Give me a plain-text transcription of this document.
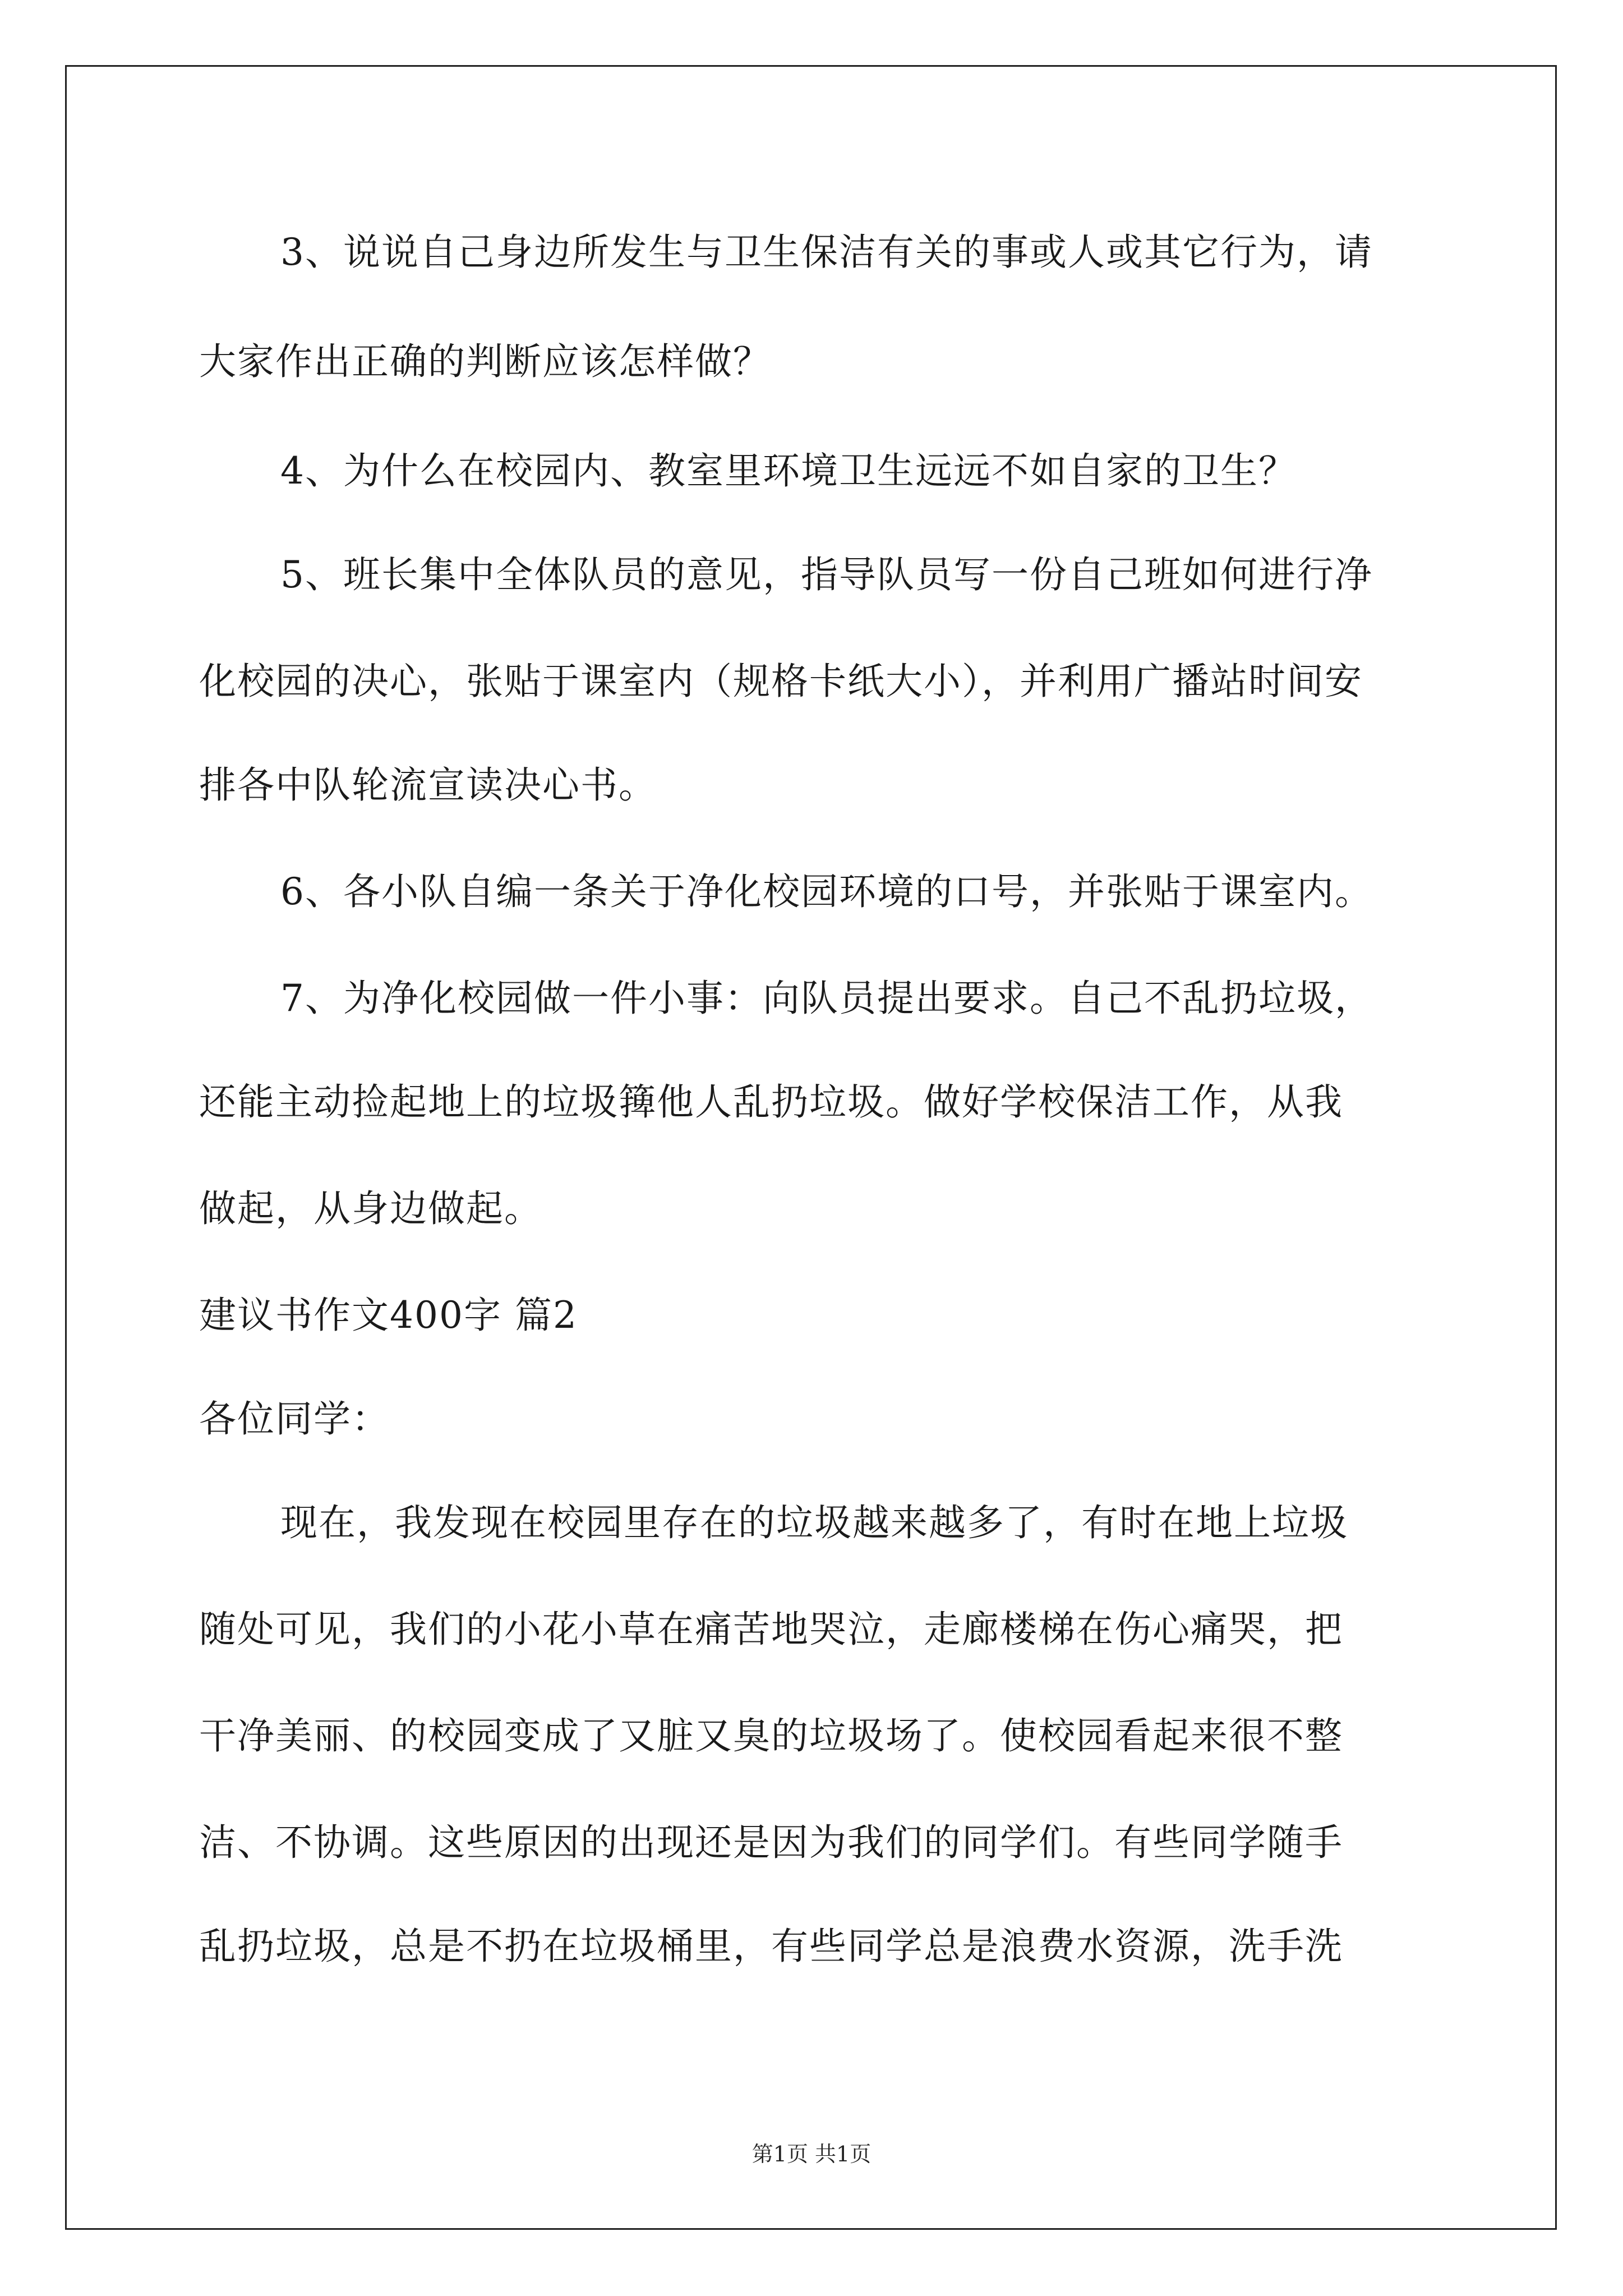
3、说说自己身边所发生与卫生保洁有关的事或人或其它行为，请
大家作出正确的判断应该怎样做？
4、为什么在校园内、教室里环境卫生远远不如自家的卫生？
5、班长集中全体队员的意见，指导队员写一份自己班如何进行净
化校园的决心，张贴于课室内（规格卡纸大小），并利用广播站时间安
排各中队轮流宣读决心书。
6、各小队自编一条关于净化校园环境的口号，并张贴于课室内。
7、为净化校园做一件小事：向队员提出要求。自己不乱扔垃圾，
还能主动捡起地上的垃圾篺他人乱扔垃圾。做好学校保洁工作，从我
做起，从身边做起。
建议书作文400字 篇2
各位同学：
现在，我发现在校园里存在的垃圾越来越多了，有时在地上垃圾
随处可见，我们的小花小草在痛苦地哭泣，走廊楼梯在伤心痛哭，把
干净美丽、的校园变成了又脏又臭的垃圾场了。使校园看起来很不整
洁、不协调。这些原因的出现还是因为我们的同学们。有些同学随手
乱扔垃圾，总是不扔在垃圾桶里，有些同学总是浪费水资源，洗手洗
第1页 共1页
